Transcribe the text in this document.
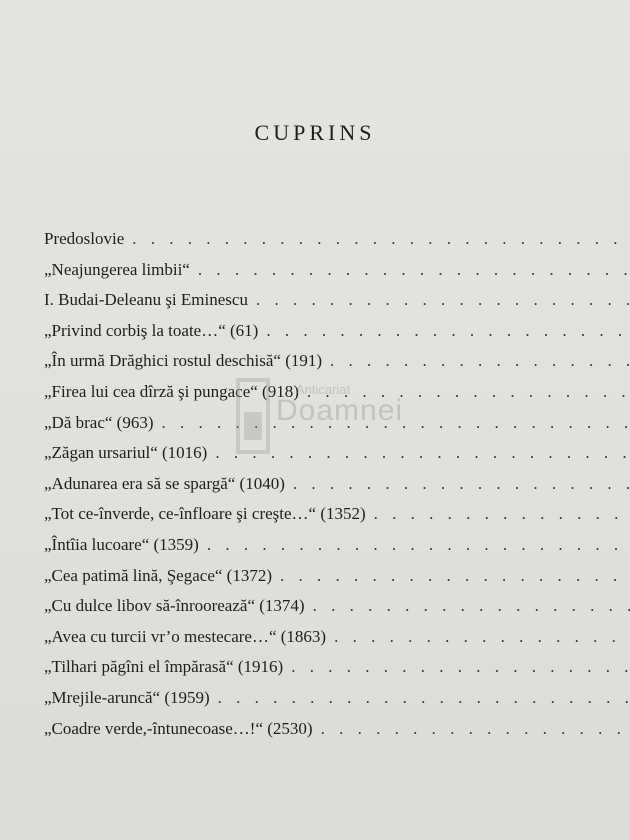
CUPRINS
Predoslovie
. . .
„Neajungerea limbii“
. . .
I. Budai-Deleanu şi Eminescu
. . .
„Privind corbiş la toate…“ (61)
. . .
„În urmă Drăghici rostul deschisă“ (191)
. . .
„Firea lui cea dîrză şi pungace“ (918)
. . .
„Dă brac“ (963)
. . .
„Zăgan ursariul“ (1016)
. . .
„Adunarea era să se spargă“ (1040)
. . .
„Tot ce-înverde, ce-înfloare şi creşte…“ (1352)
. . .
„Întîia lucoare“ (1359)
. . .
„Cea patimă lină, Şegace“ (1372)
. . .
„Cu dulce libov să-înroorează“ (1374)
. . .
„Avea cu turcii vr’o mestecare…“ (1863)
. . .
„Tilhari păgîni el împărasă“ (1916)
. . .
„Mrejile-aruncă“ (1959)
. . .
„Coadre verde,-întunecoase…!“ (2530)
. . .
Anticariat
Doamnei
